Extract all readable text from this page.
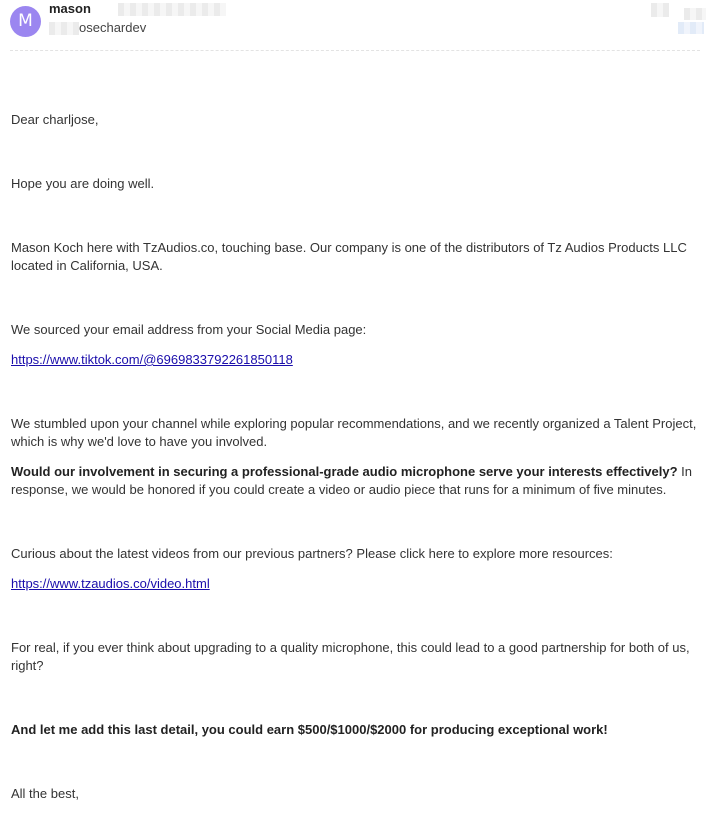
M
mason
osechardev

Dear charljose,

Hope you are doing well.

Mason Koch here with TzAudios.co, touching base. Our company is one of the distributors of Tz Audios Products LLC located in California, USA.

We sourced your email address from your Social Media page:

https://www.tiktok.com/@6969833792261850118

We stumbled upon your channel while exploring popular recommendations, and we recently organized a Talent Project, which is why we'd love to have you involved.

Would our involvement in securing a professional-grade audio microphone serve your interests effectively? In response, we would be honored if you could create a video or audio piece that runs for a minimum of five minutes.

Curious about the latest videos from our previous partners? Please click here to explore more resources:

https://www.tzaudios.co/video.html

For real, if you ever think about upgrading to a quality microphone, this could lead to a good partnership for both of us, right?

And let me add this last detail, you could earn $500/$1000/$2000 for producing exceptional work!

All the best,
